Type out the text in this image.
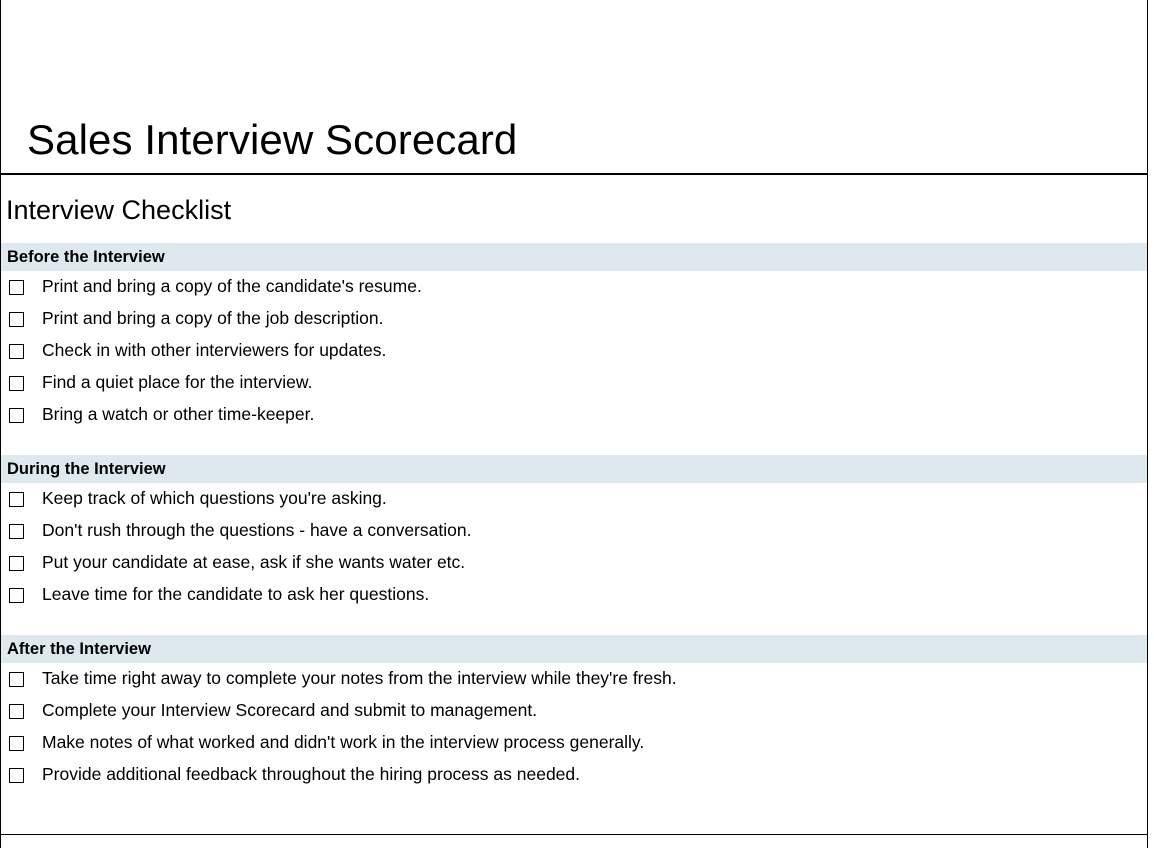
Sales Interview Scorecard
Interview Checklist
Before the Interview
Print and bring a copy of the candidate's resume.
Print and bring a copy of the job description.
Check in with other interviewers for updates.
Find a quiet place for the interview.
Bring a watch or other time-keeper.
During the Interview
Keep track of which questions you're asking.
Don't rush through the questions - have a conversation.
Put your candidate at ease, ask if she wants water etc.
Leave time for the candidate to ask her questions.
After the Interview
Take time right away to complete your notes from the interview while they're fresh.
Complete your Interview Scorecard and submit to management.
Make notes of what worked and didn't work in the interview process generally.
Provide additional feedback throughout the hiring process as needed.
